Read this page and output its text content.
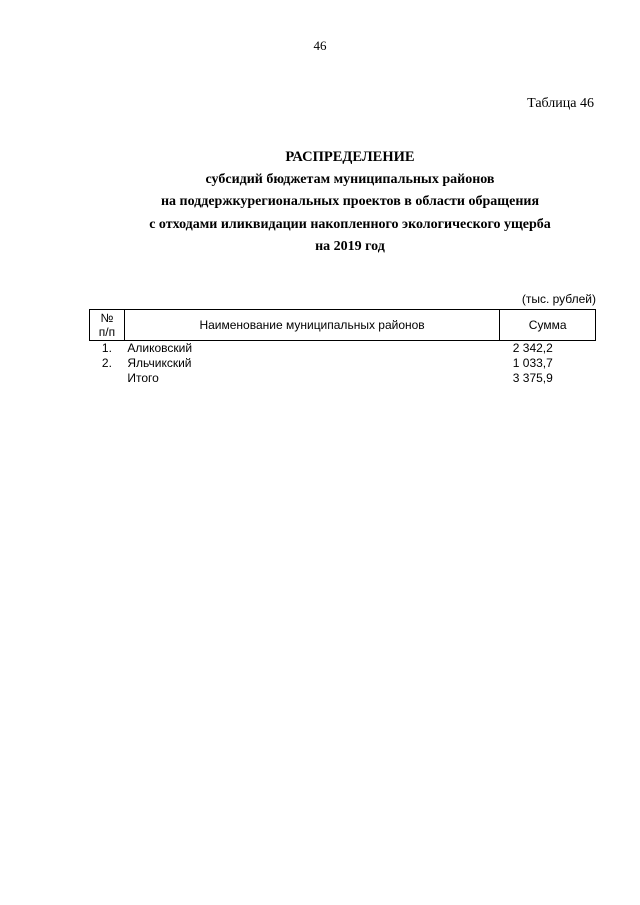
46
Таблица 46
РАСПРЕДЕЛЕНИЕ
субсидий бюджетам муниципальных районов
на поддержкурегиональных проектов в области обращения
с отходами иликвидации накопленного экологического ущерба
на 2019 год
(тыс. рублей)
№
п/п	Наименование муниципальных районов	Сумма
1.	Аликовский	2 342,2
2.	Яльчикский	1 033,7
	Итого	3 375,9
